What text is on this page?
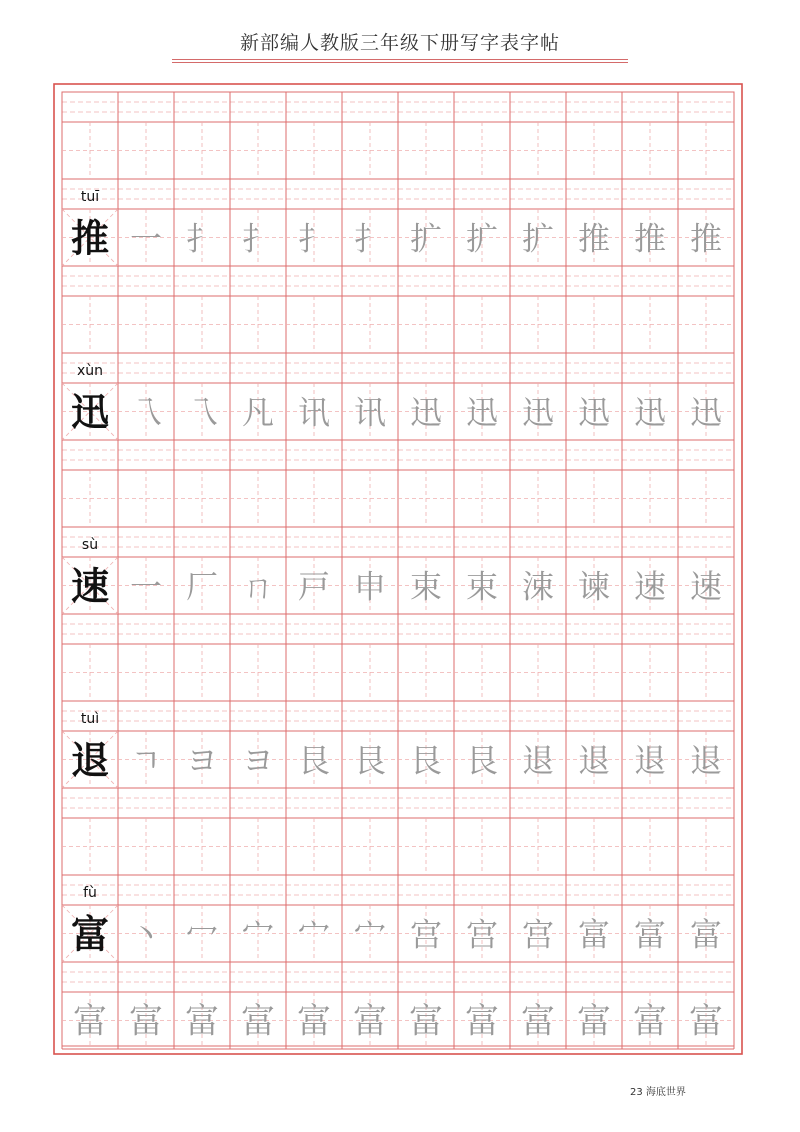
新部编人教版三年级下册写字表字帖
tuī
推 一 扌 扌 扌 扌 扩 扩 扩 推 推 推
xùn
迅 乁 乁 凡 讯 讯 迅 迅 迅 迅 迅 迅
sù
速 一 厂 ㄇ 戸 申 束 束 涑 谏 速 速
tuì
退 ㄱ ヨ ヨ 艮 艮 艮 艮 退 退 退 退
fù
富 丶 冖 宀 宀 宀 宫 宫 宫 富 富 富
富 富 富 富 富 富 富 富 富 富 富 富
23 海底世界
